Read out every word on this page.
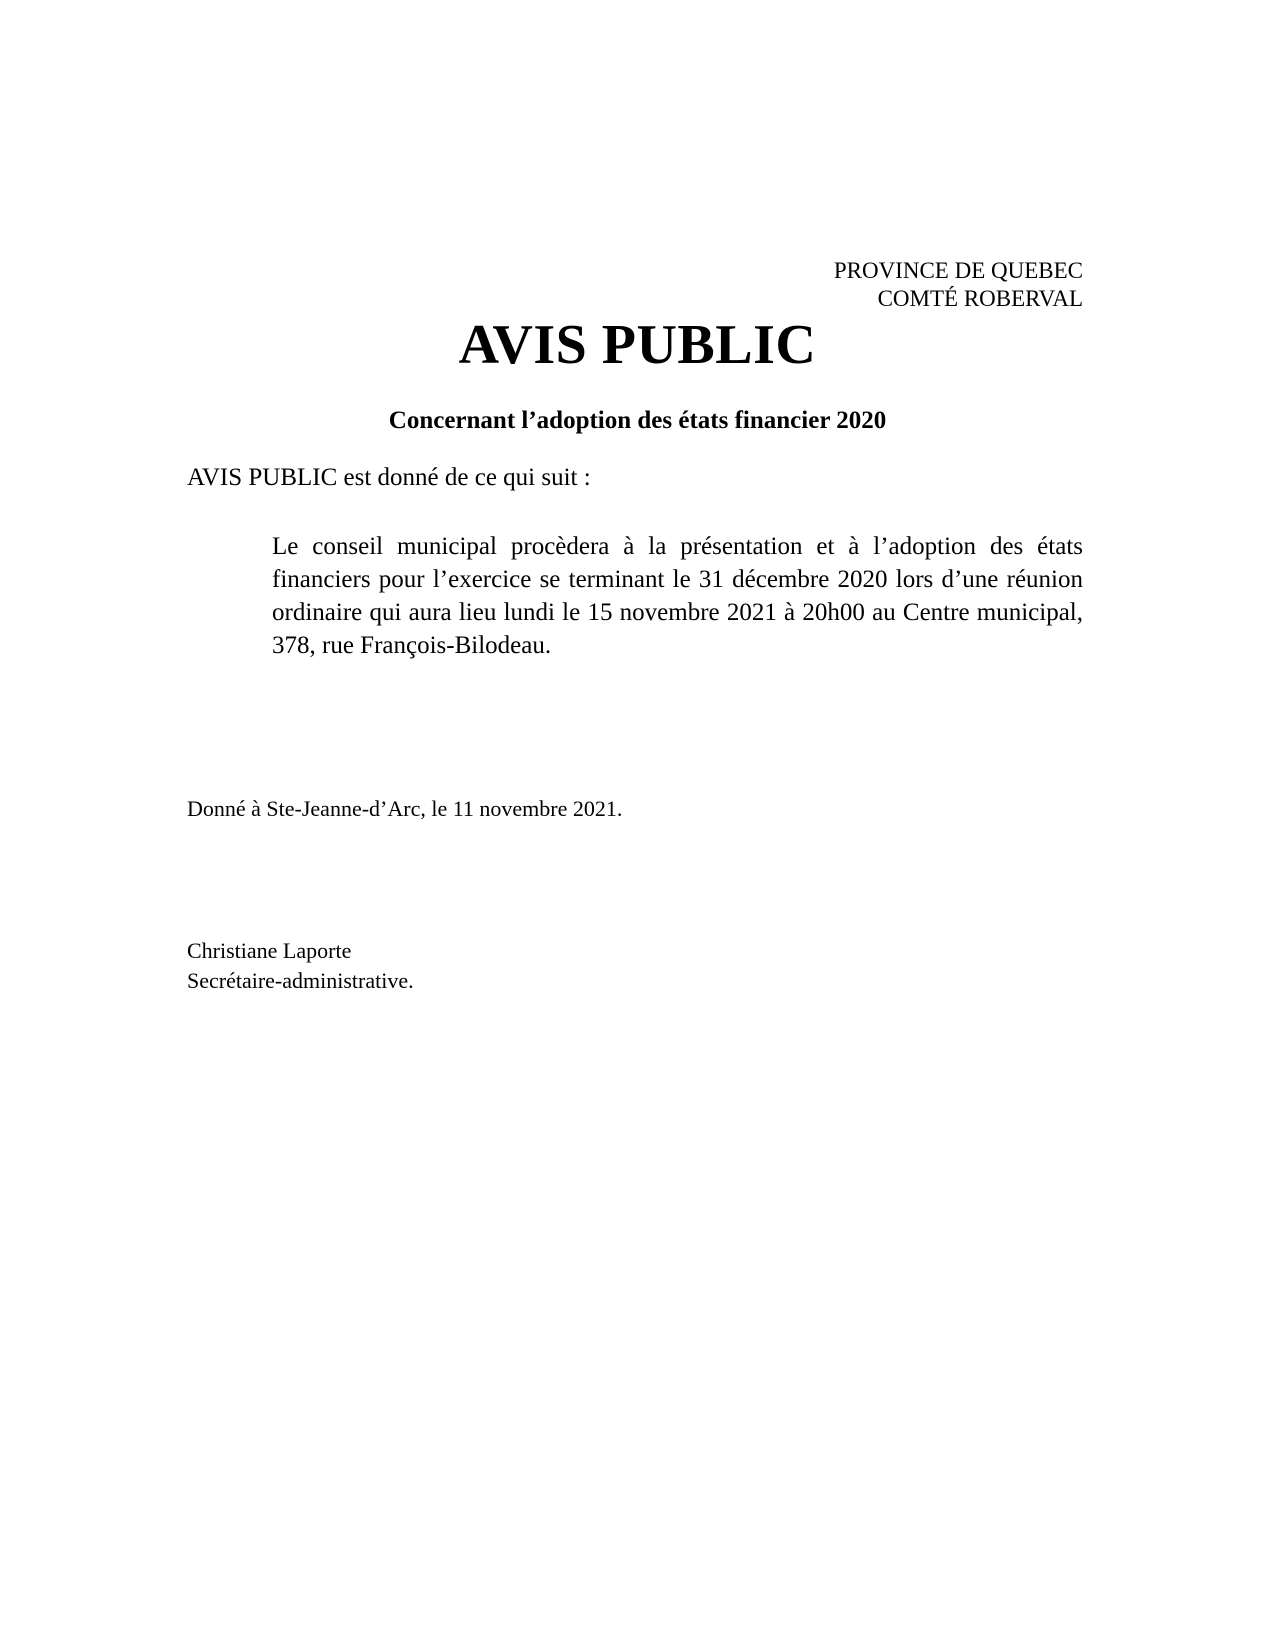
PROVINCE DE QUEBEC
COMTÉ ROBERVAL
AVIS PUBLIC
Concernant l’adoption des états financier 2020
AVIS PUBLIC est donné de ce qui suit :
Le conseil municipal procèdera à la présentation et à l’adoption des états financiers pour l’exercice se terminant le 31 décembre 2020 lors d’une réunion ordinaire qui aura lieu lundi le 15 novembre 2021 à 20h00 au Centre municipal, 378, rue François-Bilodeau.
Donné à Ste-Jeanne-d’Arc, le 11 novembre 2021.
Christiane Laporte
Secrétaire-administrative.
